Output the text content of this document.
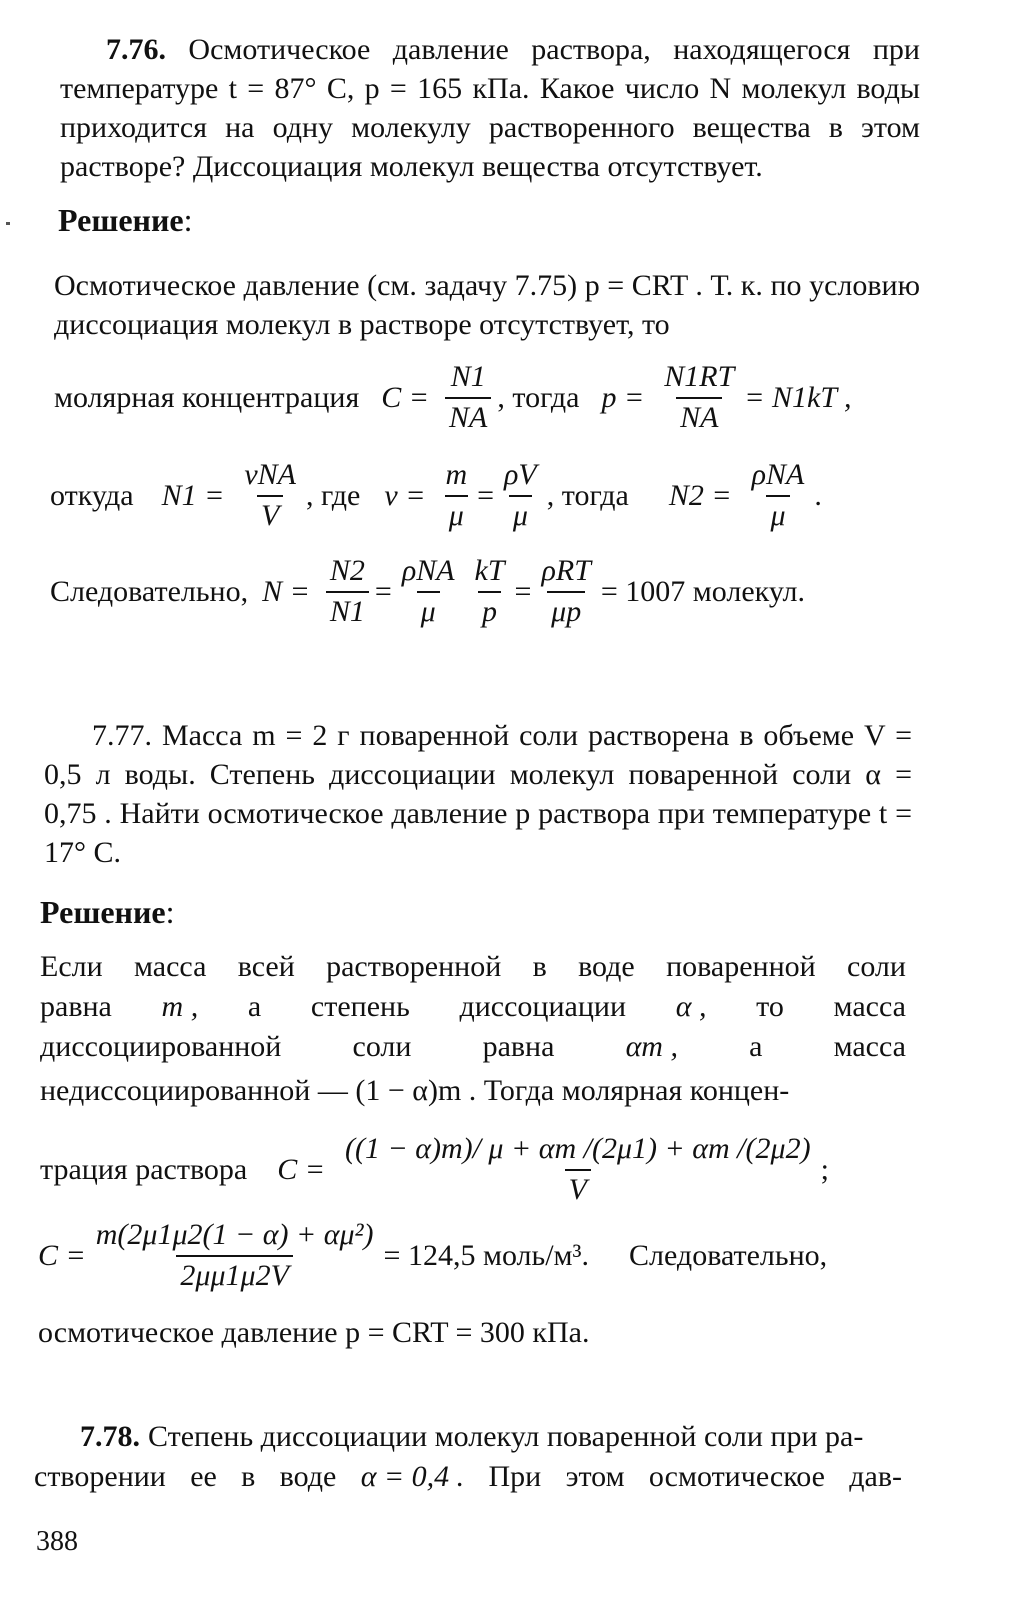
7.76. Осмотическое давление раствора, находящегося при температуре t = 87° C, p = 165 кПа. Какое число N молекул воды приходится на одну молекулу растворенного вещества в этом растворе? Диссоциация молекул вещества отсутствует.

Решение:

Осмотическое давление (см. задачу 7.75) p = CRT . Т. к. по условию диссоциация молекул в растворе отсутствует, то

молярная концентрация $C = \frac{N1}{NA}$ , тогда $p = \frac{N1RT}{NA} = N1kT$ ,
откуда $N1 = \frac{\text{νNA}}{V}$ , где $\nu = \frac{m}{\mu} = \frac{\rho V}{\mu}$ , тогда $N2 = \frac{\text{ρNA}}{\mu}$ .
Следовательно, $N = \frac{N2}{N1} = \frac{\text{ρNA}}{\mu} \frac{kT}{p} = \frac{\text{ρRT}}{\mu p} = 1007$ молекул.

7.77. Масса m = 2 г поваренной соли растворена в объеме V = 0,5 л воды. Степень диссоциации молекул поваренной соли α = 0,75 . Найти осмотическое давление p раствора при температуре t = 17° C.

Решение:
Если масса всей растворенной в воде поваренной соли
равна m , а степень диссоциации α , то масса
диссоциированной соли равна αm , а масса
недиссоциированной — (1 − α)m . Тогда молярная концен-
трация раствора $C = \frac{((1 - \alpha)m)/ \mu + \alpha m /(2\mu 1) + \alpha m /(2\mu 2)}{V}$ ;
$C = \frac{\text{m(2μ1μ2(1 − α) + αμ²)}}{2\mu\mu 1\mu 2V} = 124,5$ моль/м³. Следовательно,
осмотическое давление p = CRT = 300 кПа.
7.78. Степень диссоциации молекул поваренной соли при ра-
створении ее в воде α = 0,4 . При этом осмотическое дав-
388
